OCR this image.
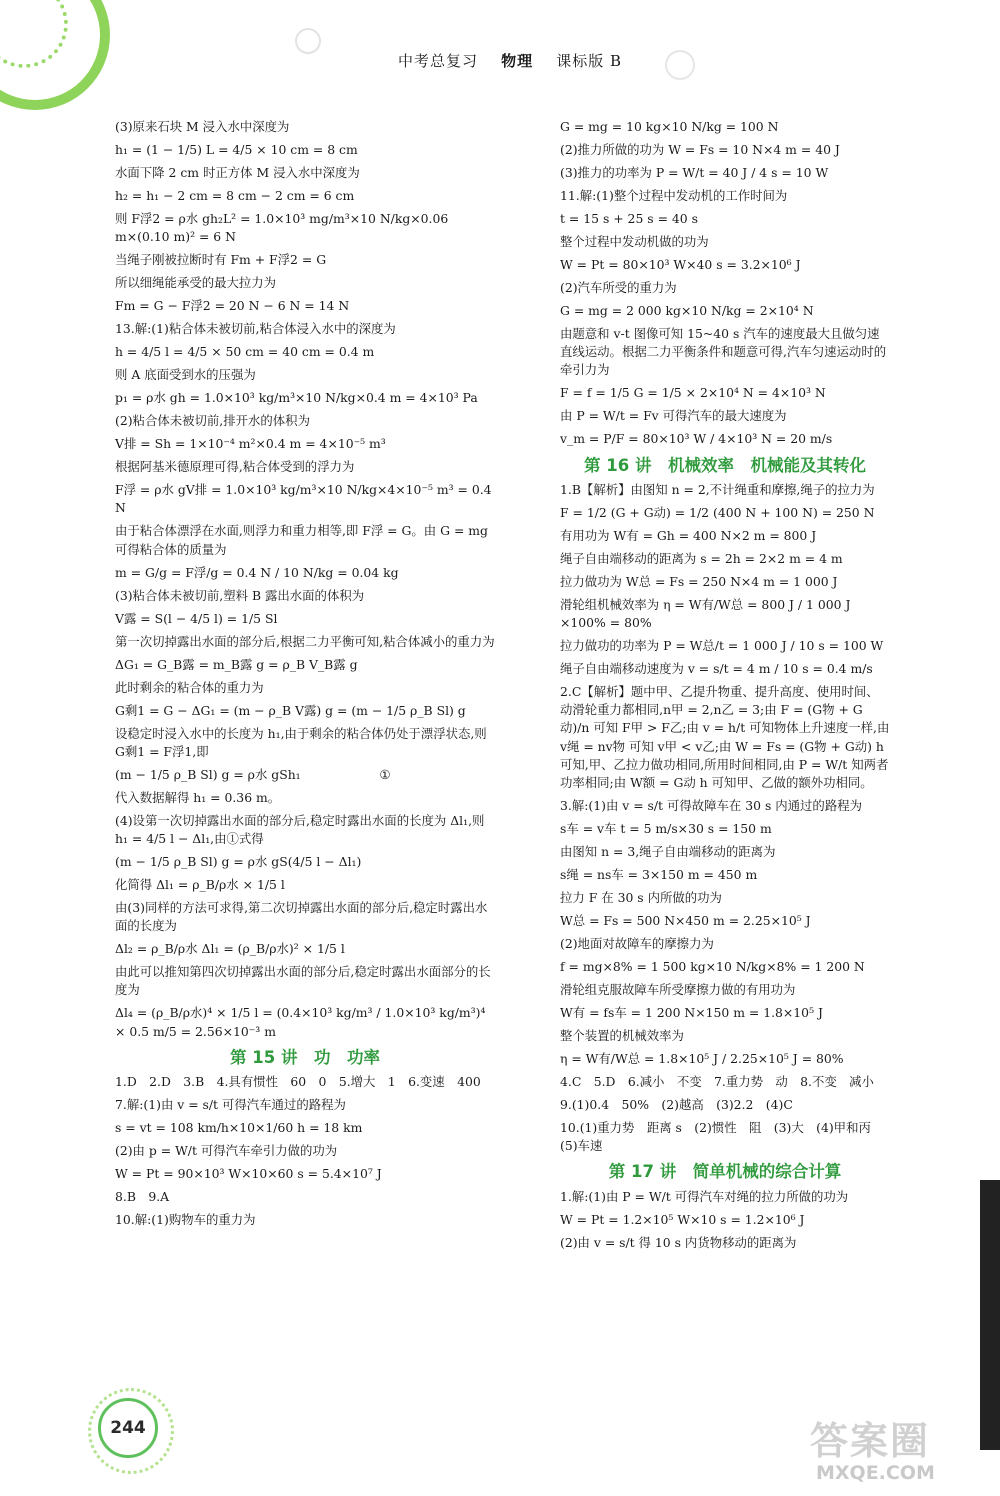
中考总复习 物理 课标版 B

(3)原来石块 M 浸入水中深度为

h₁ = (1 − 1/5) L = 4/5 × 10 cm = 8 cm

水面下降 2 cm 时正方体 M 浸入水中深度为

h₂ = h₁ − 2 cm = 8 cm − 2 cm = 6 cm

则 F浮2 = ρ水 gh₂L² = 1.0×10³ mg/m³×10 N/kg×0.06 m×(0.10 m)² = 6 N

当绳子刚被拉断时有 Fm + F浮2 = G

所以细绳能承受的最大拉力为

Fm = G − F浮2 = 20 N − 6 N = 14 N

13.解:(1)粘合体未被切前,粘合体浸入水中的深度为

h = 4/5 l = 4/5 × 50 cm = 40 cm = 0.4 m

则 A 底面受到水的压强为

p₁ = ρ水 gh = 1.0×10³ kg/m³×10 N/kg×0.4 m = 4×10³ Pa

(2)粘合体未被切前,排开水的体积为

V排 = Sh = 1×10⁻⁴ m²×0.4 m = 4×10⁻⁵ m³

根据阿基米德原理可得,粘合体受到的浮力为

F浮 = ρ水 gV排 = 1.0×10³ kg/m³×10 N/kg×4×10⁻⁵ m³ = 0.4 N

由于粘合体漂浮在水面,则浮力和重力相等,即 F浮 = G。由 G = mg 可得粘合体的质量为

m = G/g = F浮/g = 0.4 N / 10 N/kg = 0.04 kg

(3)粘合体未被切前,塑料 B 露出水面的体积为

V露 = S(l − 4/5 l) = 1/5 Sl

第一次切掉露出水面的部分后,根据二力平衡可知,粘合体减小的重力为

ΔG₁ = G_B露 = m_B露 g = ρ_B V_B露 g

此时剩余的粘合体的重力为

G剩1 = G − ΔG₁ = (m − ρ_B V露) g = (m − 1/5 ρ_B Sl) g

设稳定时浸入水中的长度为 h₁,由于剩余的粘合体仍处于漂浮状态,则 G剩1 = F浮1,即

(m − 1/5 ρ_B Sl) g = ρ水 gSh₁                    ①

代入数据解得 h₁ = 0.36 m。

(4)设第一次切掉露出水面的部分后,稳定时露出水面的长度为 Δl₁,则 h₁ = 4/5 l − Δl₁,由①式得

(m − 1/5 ρ_B Sl) g = ρ水 gS(4/5 l − Δl₁)

化简得 Δl₁ = ρ_B/ρ水 × 1/5 l

由(3)同样的方法可求得,第二次切掉露出水面的部分后,稳定时露出水面的长度为

Δl₂ = ρ_B/ρ水 Δl₁ = (ρ_B/ρ水)² × 1/5 l

由此可以推知第四次切掉露出水面的部分后,稳定时露出水面部分的长度为

Δl₄ = (ρ_B/ρ水)⁴ × 1/5 l = (0.4×10³ kg/m³ / 1.0×10³ kg/m³)⁴ × 0.5 m/5 = 2.56×10⁻³ m

第 15 讲　功　功率

1.D　2.D　3.B　4.具有惯性　60　0　5.增大　1　6.变速　400

7.解:(1)由 v = s/t 可得汽车通过的路程为

s = vt = 108 km/h×10×1/60 h = 18 km

(2)由 p = W/t 可得汽车牵引力做的功为

W = Pt = 90×10³ W×10×60 s = 5.4×10⁷ J

8.B　9.A

10.解:(1)购物车的重力为

G = mg = 10 kg×10 N/kg = 100 N

(2)推力所做的功为 W = Fs = 10 N×4 m = 40 J

(3)推力的功率为 P = W/t = 40 J / 4 s = 10 W

11.解:(1)整个过程中发动机的工作时间为

t = 15 s + 25 s = 40 s

整个过程中发动机做的功为

W = Pt = 80×10³ W×40 s = 3.2×10⁶ J

(2)汽车所受的重力为

G = mg = 2 000 kg×10 N/kg = 2×10⁴ N

由题意和 v-t 图像可知 15~40 s 汽车的速度最大且做匀速直线运动。根据二力平衡条件和题意可得,汽车匀速运动时的牵引力为

F = f = 1/5 G = 1/5 × 2×10⁴ N = 4×10³ N

由 P = W/t = Fv 可得汽车的最大速度为

v_m = P/F = 80×10³ W / 4×10³ N = 20 m/s

第 16 讲　机械效率　机械能及其转化

1.B【解析】由图知 n = 2,不计绳重和摩擦,绳子的拉力为

F = 1/2 (G + G动) = 1/2 (400 N + 100 N) = 250 N

有用功为 W有 = Gh = 400 N×2 m = 800 J

绳子自由端移动的距离为 s = 2h = 2×2 m = 4 m

拉力做功为 W总 = Fs = 250 N×4 m = 1 000 J

滑轮组机械效率为 η = W有/W总 = 800 J / 1 000 J ×100% = 80%

拉力做功的功率为 P = W总/t = 1 000 J / 10 s = 100 W

绳子自由端移动速度为 v = s/t = 4 m / 10 s = 0.4 m/s

2.C【解析】题中甲、乙提升物重、提升高度、使用时间、动滑轮重力都相同,n甲 = 2,n乙 = 3;由 F = (G物 + G动)/n 可知 F甲 > F乙;由 v = h/t 可知物体上升速度一样,由 v绳 = nv物 可知 v甲 < v乙;由 W = Fs = (G物 + G动) h 可知,甲、乙拉力做功相同,所用时间相同,由 P = W/t 知两者功率相同;由 W额 = G动 h 可知甲、乙做的额外功相同。

3.解:(1)由 v = s/t 可得故障车在 30 s 内通过的路程为

s车 = v车 t = 5 m/s×30 s = 150 m

由图知 n = 3,绳子自由端移动的距离为

s绳 = ns车 = 3×150 m = 450 m

拉力 F 在 30 s 内所做的功为

W总 = Fs = 500 N×450 m = 2.25×10⁵ J

(2)地面对故障车的摩擦力为

f = mg×8% = 1 500 kg×10 N/kg×8% = 1 200 N

滑轮组克服故障车所受摩擦力做的有用功为

W有 = fs车 = 1 200 N×150 m = 1.8×10⁵ J

整个装置的机械效率为

η = W有/W总 = 1.8×10⁵ J / 2.25×10⁵ J = 80%

4.C　5.D　6.减小　不变　7.重力势　动　8.不变　减小

9.(1)0.4　50%　(2)越高　(3)2.2　(4)C

10.(1)重力势　距离 s　(2)惯性　阻　(3)大　(4)甲和丙　(5)车速

第 17 讲　简单机械的综合计算

1.解:(1)由 P = W/t 可得汽车对绳的拉力所做的功为

W = Pt = 1.2×10⁵ W×10 s = 1.2×10⁶ J

(2)由 v = s/t 得 10 s 内货物移动的距离为

244	答案圈
MXQE.COM
